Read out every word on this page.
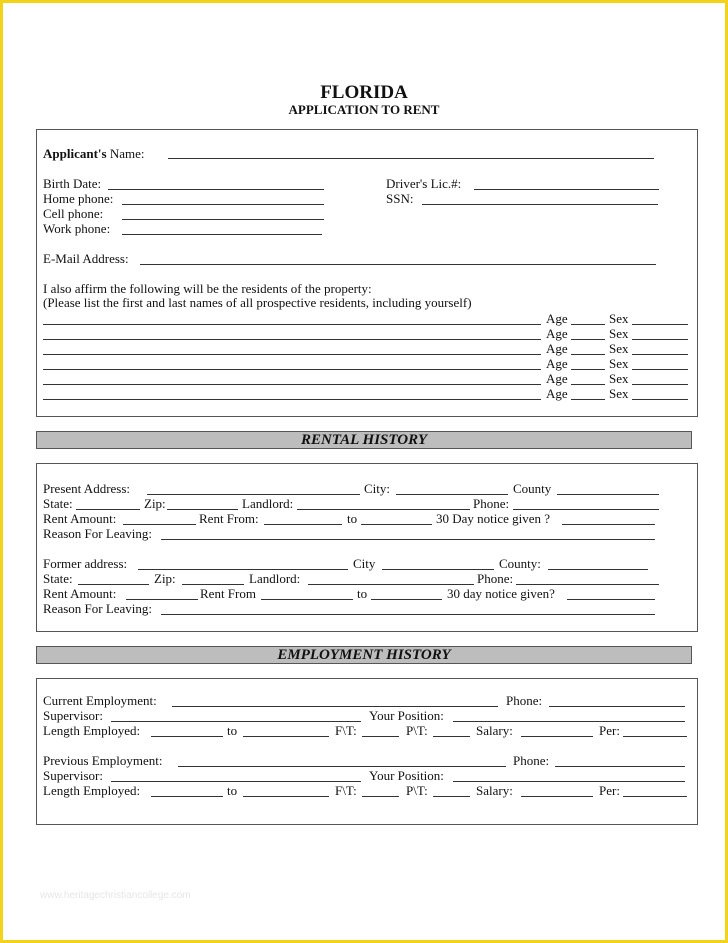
FLORIDA
APPLICATION TO RENT
Applicant's Name:
Birth Date:	Driver's Lic.#:
Home phone:	SSN:
Cell phone:
Work phone:
E-Mail Address:
I also affirm the following will be the residents of the property:
(Please list the first and last names of all prospective residents, including yourself)
Age	Sex
Age	Sex
Age	Sex
Age	Sex
Age	Sex
Age	Sex
RENTAL HISTORY
Present Address:	City:	County
State:	Zip:	Landlord:	Phone:
Rent Amount:	Rent From:	to	30 Day notice given ?
Reason For Leaving:
Former address:	City	County:
State:	Zip:	Landlord:	Phone:
Rent Amount:	Rent From	to	30 day notice given?
Reason For Leaving:
EMPLOYMENT HISTORY
Current Employment:	Phone:
Supervisor:	Your Position:
Length Employed:	to	F\T:	P\T:	Salary:	Per:
Previous Employment:	Phone:
Supervisor:	Your Position:
Length Employed:	to	F\T:	P\T:	Salary:	Per:
www.heritagechristiancollege.com
